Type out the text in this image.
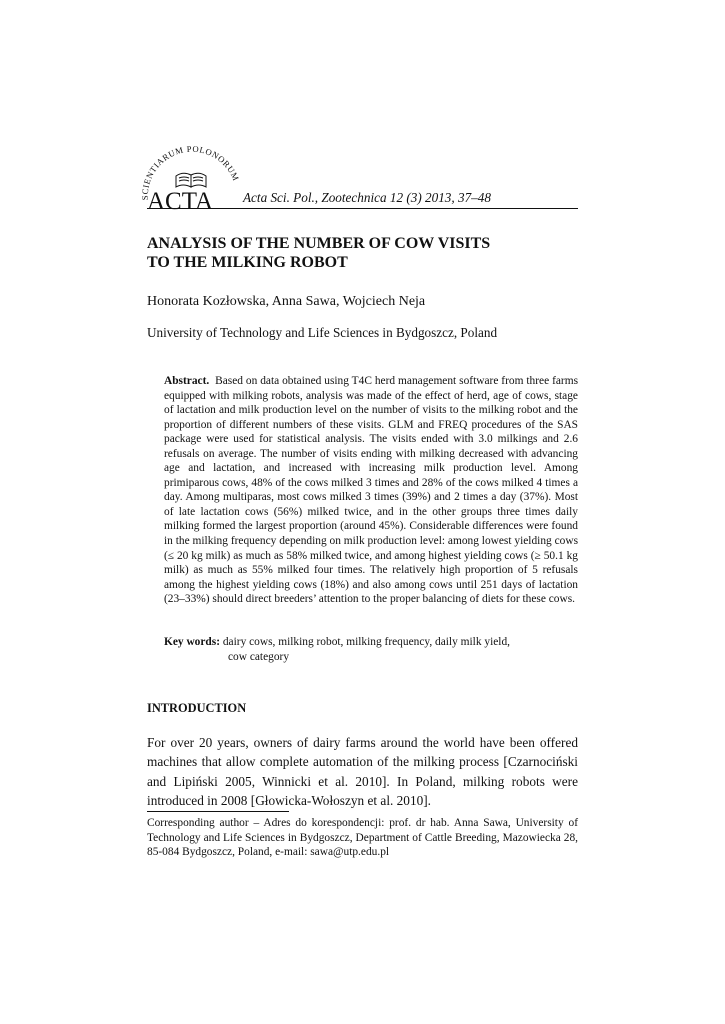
SCIENTIARUM POLONORUM
ACTA Acta Sci. Pol., Zootechnica 12 (3) 2013, 37–48
ANALYSIS OF THE NUMBER OF COW VISITS
TO THE MILKING ROBOT
Honorata Kozłowska, Anna Sawa, Wojciech Neja
University of Technology and Life Sciences in Bydgoszcz, Poland

Abstract. Based on data obtained using T4C herd management software from three farms equipped with milking robots, analysis was made of the effect of herd, age of cows, stage of lactation and milk production level on the number of visits to the milking robot and the proportion of different numbers of these visits. GLM and FREQ procedures of the SAS package were used for statistical analysis. The visits ended with 3.0 milkings and 2.6 refusals on average. The number of visits ending with milking decreased with advancing age and lactation, and increased with increasing milk production level. Among primiparous cows, 48% of the cows milked 3 times and 28% of the cows milked 4 times a day. Among multiparas, most cows milked 3 times (39%) and 2 times a day (37%). Most of late lactation cows (56%) milked twice, and in the other groups three times daily milking formed the largest proportion (around 45%). Considerable differences were found in the milking frequency depending on milk production level: among lowest yielding cows (≤ 20 kg milk) as much as 58% milked twice, and among highest yielding cows (≥ 50.1 kg milk) as much as 55% milked four times. The relatively high proportion of 5 refusals among the highest yielding cows (18%) and also among cows until 251 days of lactation (23–33%) should direct breeders’ attention to the proper balancing of diets for these cows.

Key words: dairy cows, milking robot, milking frequency, daily milk yield,
cow category
INTRODUCTION

For over 20 years, owners of dairy farms around the world have been offered machines that allow complete automation of the milking process [Czarnociński and Lipiński 2005, Winnicki et al. 2010]. In Poland, milking robots were introduced in 2008 [Głowicka-Wołoszyn et al. 2010].

Corresponding author – Adres do korespondencji: prof. dr hab. Anna Sawa, University of Technology and Life Sciences in Bydgoszcz, Department of Cattle Breeding, Mazowiecka 28, 85-084 Bydgoszcz, Poland, e-mail: sawa@utp.edu.pl
